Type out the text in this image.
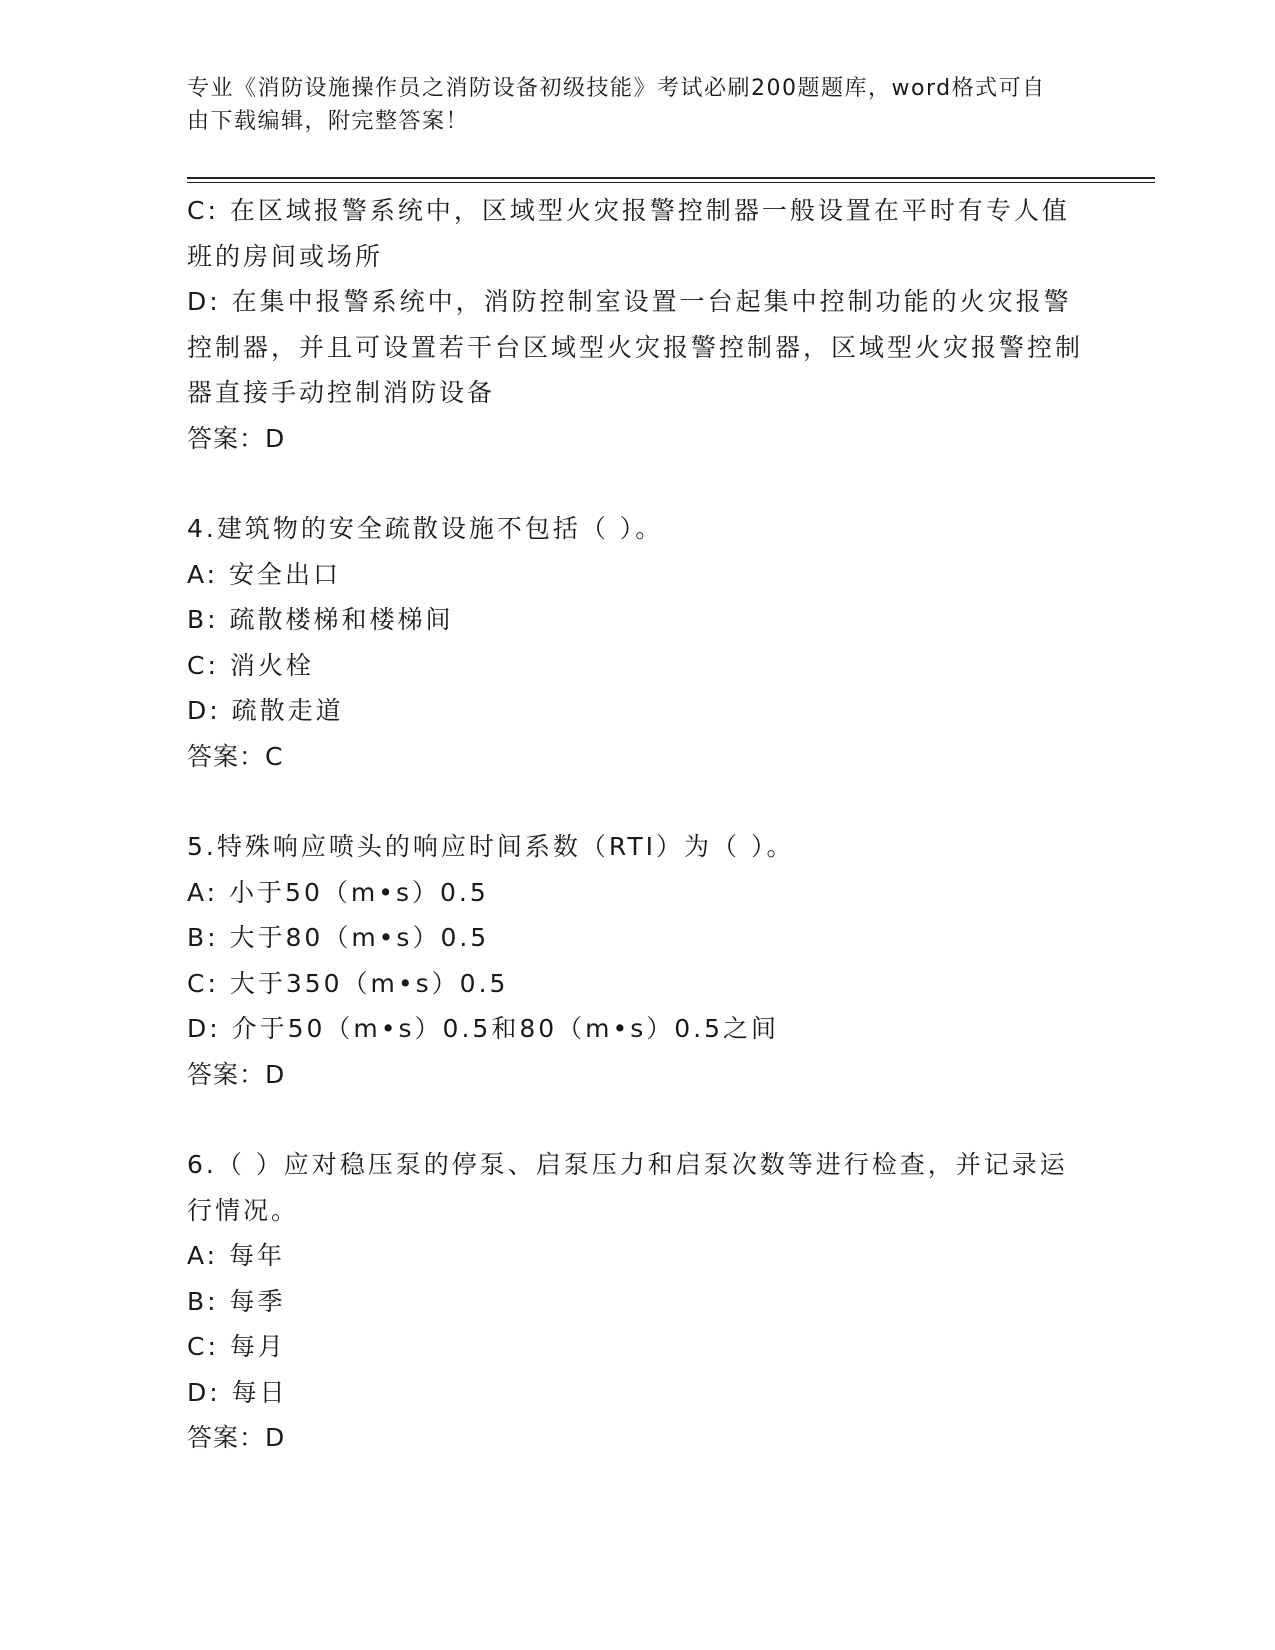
专业《消防设施操作员之消防设备初级技能》考试必刷200题题库，word格式可自由下载编辑，附完整答案！
C: 在区域报警系统中，区域型火灾报警控制器一般设置在平时有专人值班的房间或场所
D: 在集中报警系统中，消防控制室设置一台起集中控制功能的火灾报警控制器，并且可设置若干台区域型火灾报警控制器，区域型火灾报警控制器直接手动控制消防设备
答案：D
4.建筑物的安全疏散设施不包括（ ）。
A: 安全出口
B: 疏散楼梯和楼梯间
C: 消火栓
D: 疏散走道
答案：C
5.特殊响应喷头的响应时间系数（RTI）为（ ）。
A: 小于50（m•s）0.5
B: 大于80（m•s）0.5
C: 大于350（m•s）0.5
D: 介于50（m•s）0.5和80（m•s）0.5之间
答案：D
6.（ ）应对稳压泵的停泵、启泵压力和启泵次数等进行检查，并记录运行情况。
A: 每年
B: 每季
C: 每月
D: 每日
答案：D
